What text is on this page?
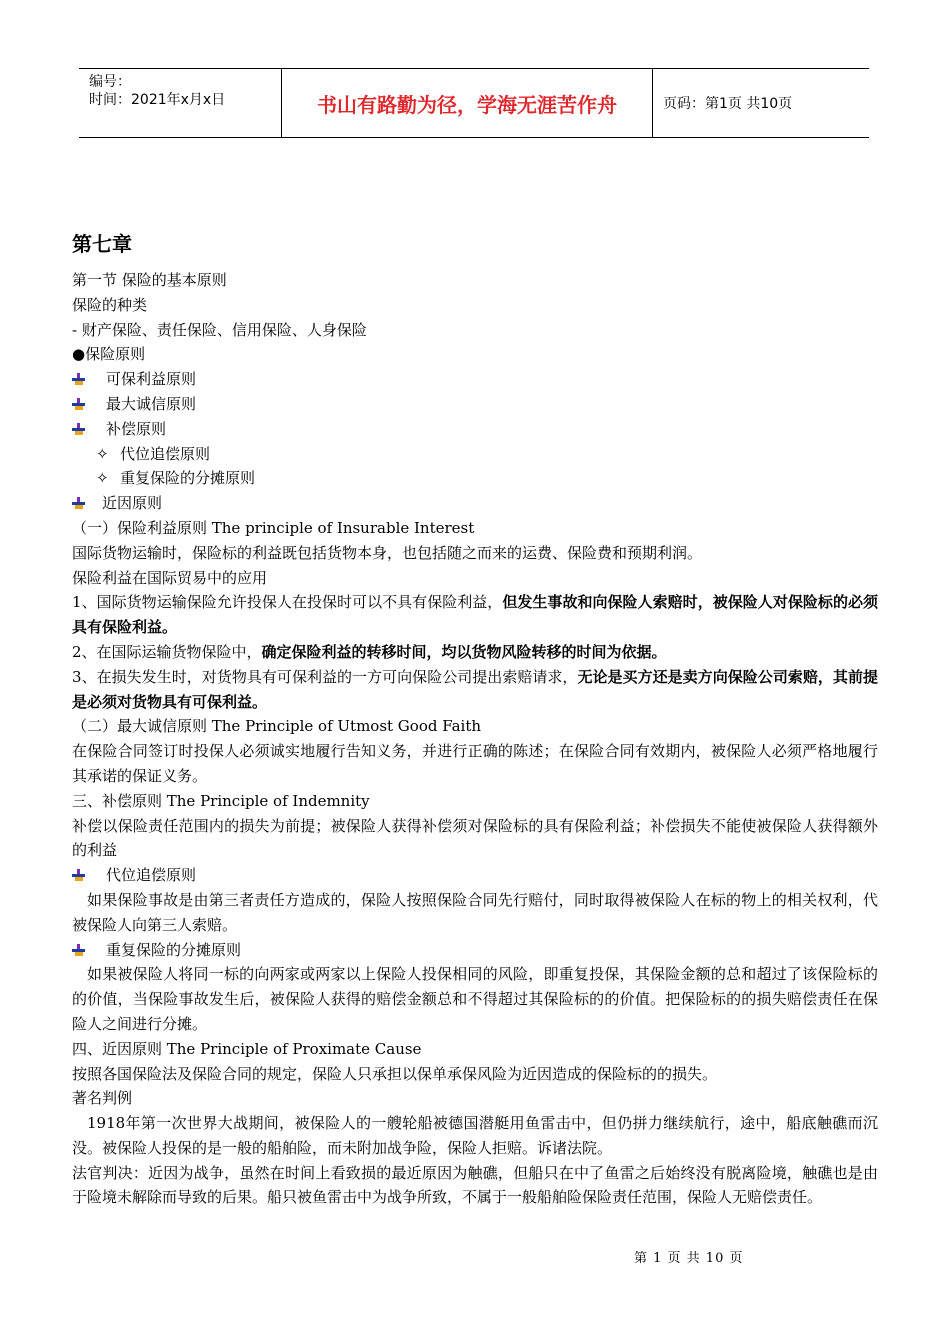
编号：
时间：2021年x月x日	书山有路勤为径，学海无涯苦作舟	页码：第1页 共10页
第七章

第一节 保险的基本原则

保险的种类

- 财产保险、责任保险、信用保险、人身保险

●保险原则

可保利益原则

最大诚信原则

补偿原则

✧ 代位追偿原则

✧ 重复保险的分摊原则

近因原则

（一）保险利益原则 The principle of Insurable Interest

国际货物运输时，保险标的利益既包括货物本身，也包括随之而来的运费、保险费和预期利润。

保险利益在国际贸易中的应用

1、国际货物运输保险允许投保人在投保时可以不具有保险利益，但发生事故和向保险人索赔时，被保险人对保险标的必须具有保险利益。

2、在国际运输货物保险中，确定保险利益的转移时间，均以货物风险转移的时间为依据。

3、在损失发生时，对货物具有可保利益的一方可向保险公司提出索赔请求，无论是买方还是卖方向保险公司索赔，其前提是必须对货物具有可保利益。

（二）最大诚信原则 The Principle of Utmost Good Faith

在保险合同签订时投保人必须诚实地履行告知义务，并进行正确的陈述；在保险合同有效期内，被保险人必须严格地履行其承诺的保证义务。

三、补偿原则 The Principle of Indemnity

补偿以保险责任范围内的损失为前提；被保险人获得补偿须对保险标的具有保险利益；补偿损失不能使被保险人获得额外的利益

代位追偿原则

如果保险事故是由第三者责任方造成的，保险人按照保险合同先行赔付，同时取得被保险人在标的物上的相关权利，代被保险人向第三人索赔。

重复保险的分摊原则

如果被保险人将同一标的向两家或两家以上保险人投保相同的风险，即重复投保，其保险金额的总和超过了该保险标的的价值，当保险事故发生后，被保险人获得的赔偿金额总和不得超过其保险标的的价值。把保险标的的损失赔偿责任在保险人之间进行分摊。

四、近因原则 The Principle of Proximate Cause

按照各国保险法及保险合同的规定，保险人只承担以保单承保风险为近因造成的保险标的的损失。

著名判例

1918年第一次世界大战期间，被保险人的一艘轮船被德国潜艇用鱼雷击中，但仍拼力继续航行，途中，船底触礁而沉没。被保险人投保的是一般的船舶险，而未附加战争险，保险人拒赔。诉诸法院。

法官判决：近因为战争，虽然在时间上看致损的最近原因为触礁，但船只在中了鱼雷之后始终没有脱离险境，触礁也是由于险境未解除而导致的后果。船只被鱼雷击中为战争所致，不属于一般船舶险保险责任范围，保险人无赔偿责任。

第 1 页 共 10 页
